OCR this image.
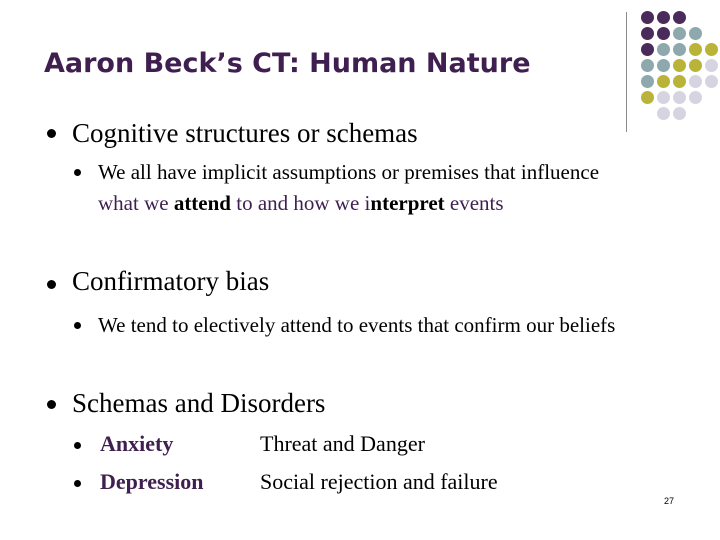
Aaron Beck’s CT: Human Nature
Cognitive structures or schemas
We all have implicit assumptions or premises that influence what we attend to and how we interpret events
Confirmatory bias
We tend to electively attend to events that confirm our beliefs
Schemas and Disorders
Anxiety	Threat and Danger
Depression	Social rejection and failure
27
